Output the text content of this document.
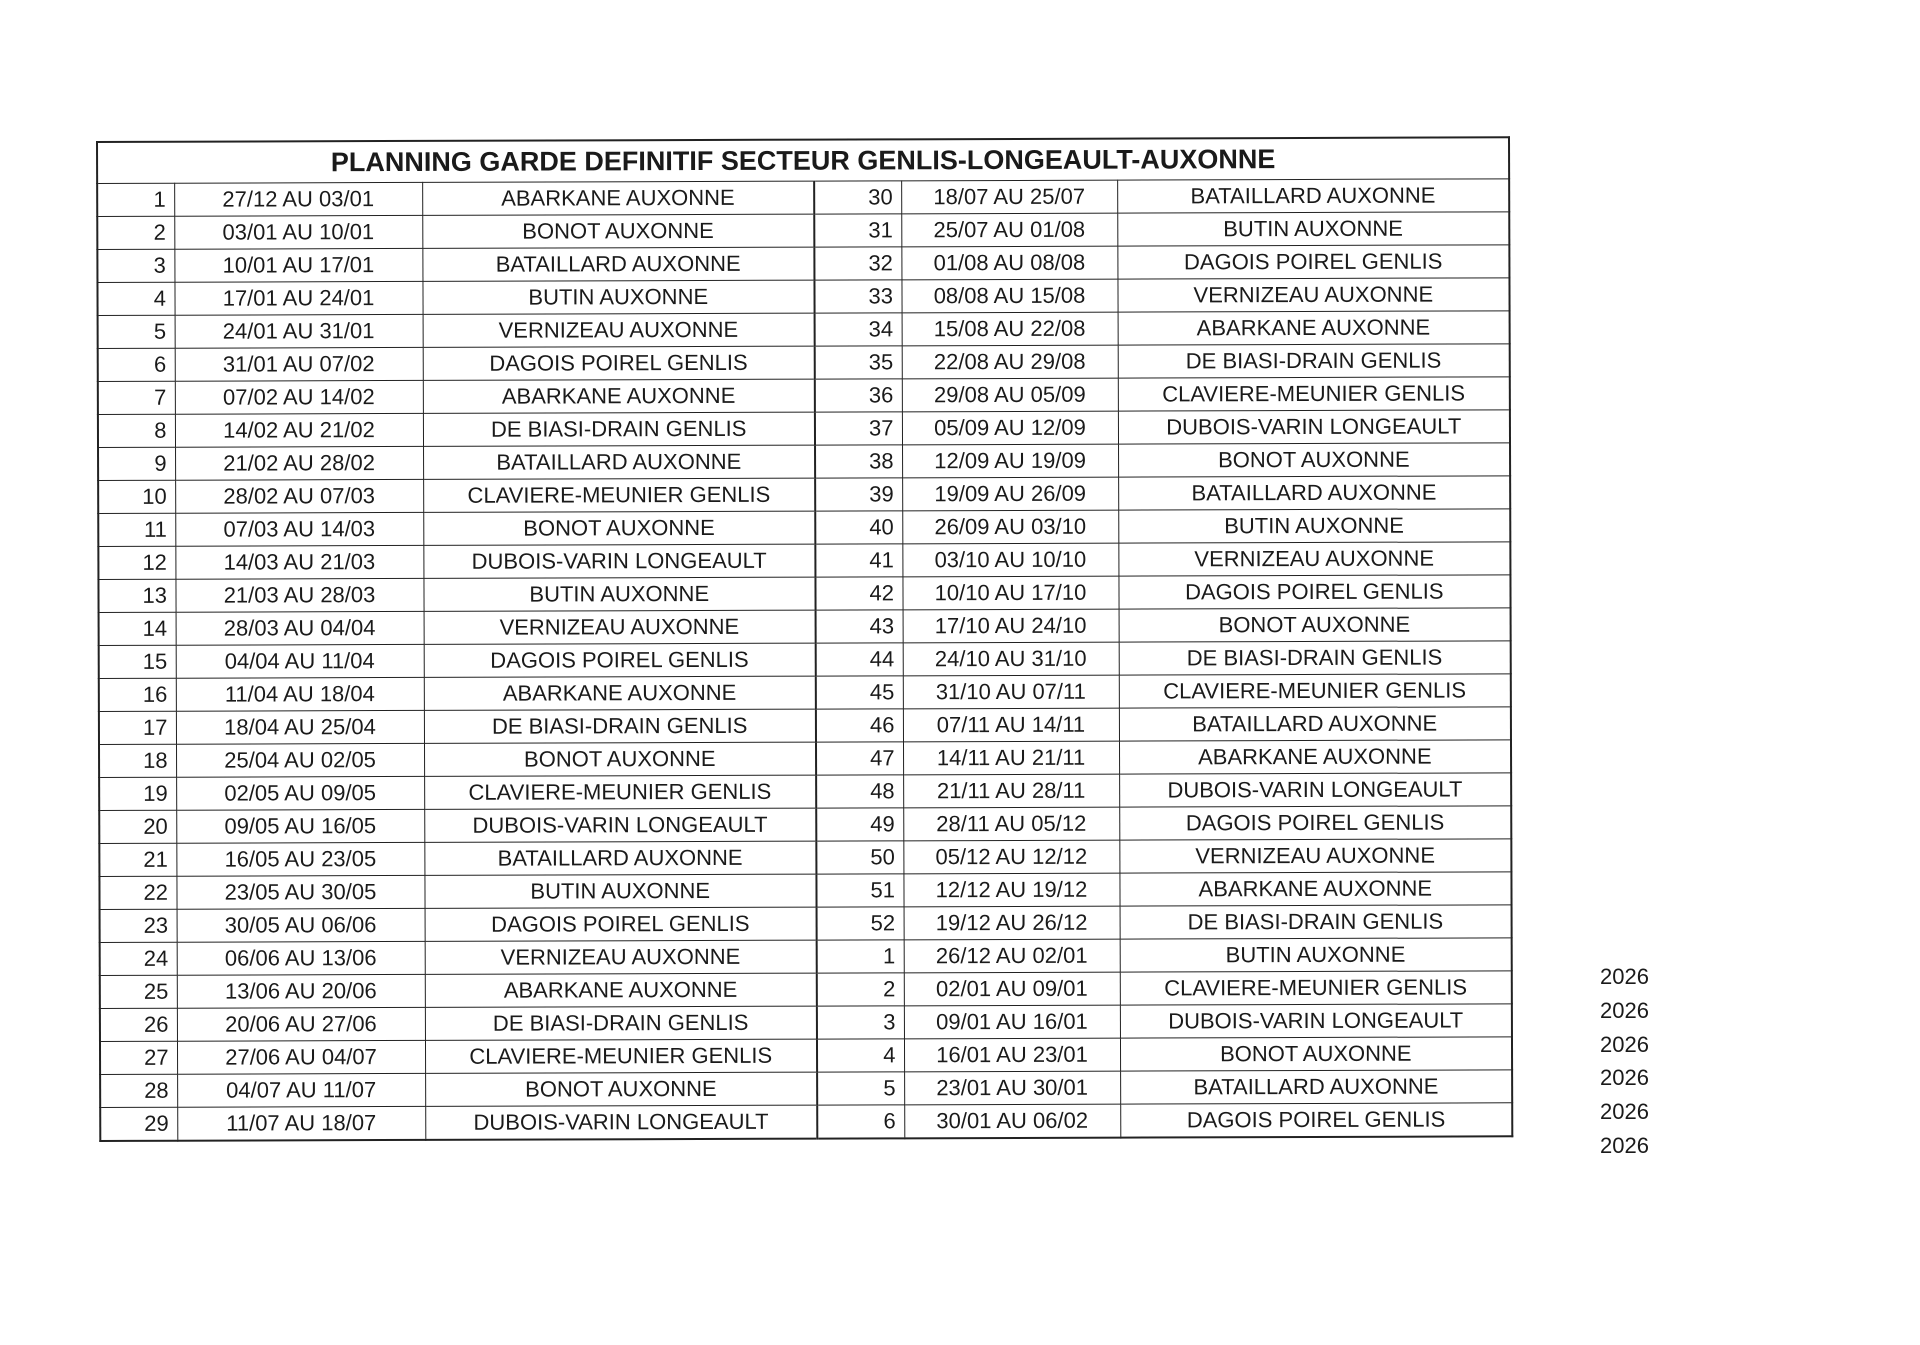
PLANNING GARDE DEFINITIF SECTEUR GENLIS-LONGEAULT-AUXONNE					
1	27/12 AU 03/01	ABARKANE AUXONNE	30	18/07 AU 25/07	BATAILLARD AUXONNE
2	03/01 AU 10/01	BONOT AUXONNE	31	25/07 AU 01/08	BUTIN AUXONNE
3	10/01 AU 17/01	BATAILLARD AUXONNE	32	01/08 AU 08/08	DAGOIS POIREL GENLIS
4	17/01 AU 24/01	BUTIN AUXONNE	33	08/08 AU 15/08	VERNIZEAU AUXONNE
5	24/01 AU 31/01	VERNIZEAU AUXONNE	34	15/08 AU 22/08	ABARKANE AUXONNE
6	31/01 AU 07/02	DAGOIS POIREL GENLIS	35	22/08 AU 29/08	DE BIASI-DRAIN GENLIS
7	07/02 AU 14/02	ABARKANE AUXONNE	36	29/08 AU 05/09	CLAVIERE-MEUNIER GENLIS
8	14/02 AU 21/02	DE BIASI-DRAIN GENLIS	37	05/09 AU 12/09	DUBOIS-VARIN LONGEAULT
9	21/02 AU 28/02	BATAILLARD AUXONNE	38	12/09 AU 19/09	BONOT AUXONNE
10	28/02 AU 07/03	CLAVIERE-MEUNIER GENLIS	39	19/09 AU 26/09	BATAILLARD AUXONNE
11	07/03 AU 14/03	BONOT AUXONNE	40	26/09 AU 03/10	BUTIN AUXONNE
12	14/03 AU 21/03	DUBOIS-VARIN LONGEAULT	41	03/10 AU 10/10	VERNIZEAU AUXONNE
13	21/03 AU 28/03	BUTIN AUXONNE	42	10/10 AU 17/10	DAGOIS POIREL GENLIS
14	28/03 AU 04/04	VERNIZEAU AUXONNE	43	17/10 AU 24/10	BONOT AUXONNE
15	04/04 AU 11/04	DAGOIS POIREL GENLIS	44	24/10 AU 31/10	DE BIASI-DRAIN GENLIS
16	11/04 AU 18/04	ABARKANE AUXONNE	45	31/10 AU 07/11	CLAVIERE-MEUNIER GENLIS
17	18/04 AU 25/04	DE BIASI-DRAIN GENLIS	46	07/11 AU 14/11	BATAILLARD AUXONNE
18	25/04 AU 02/05	BONOT AUXONNE	47	14/11 AU 21/11	ABARKANE AUXONNE
19	02/05 AU 09/05	CLAVIERE-MEUNIER GENLIS	48	21/11 AU 28/11	DUBOIS-VARIN LONGEAULT
20	09/05 AU 16/05	DUBOIS-VARIN LONGEAULT	49	28/11 AU 05/12	DAGOIS POIREL GENLIS
21	16/05 AU 23/05	BATAILLARD AUXONNE	50	05/12 AU 12/12	VERNIZEAU AUXONNE
22	23/05 AU 30/05	BUTIN AUXONNE	51	12/12 AU 19/12	ABARKANE AUXONNE
23	30/05 AU 06/06	DAGOIS POIREL GENLIS	52	19/12 AU 26/12	DE BIASI-DRAIN GENLIS
24	06/06 AU 13/06	VERNIZEAU AUXONNE	1	26/12 AU 02/01	BUTIN AUXONNE
25	13/06 AU 20/06	ABARKANE AUXONNE	2	02/01 AU 09/01	CLAVIERE-MEUNIER GENLIS
26	20/06 AU 27/06	DE BIASI-DRAIN GENLIS	3	09/01 AU 16/01	DUBOIS-VARIN LONGEAULT
27	27/06 AU 04/07	CLAVIERE-MEUNIER GENLIS	4	16/01 AU 23/01	BONOT AUXONNE
28	04/07 AU 11/07	BONOT AUXONNE	5	23/01 AU 30/01	BATAILLARD AUXONNE
29	11/07 AU 18/07	DUBOIS-VARIN LONGEAULT	6	30/01 AU 06/02	DAGOIS POIREL GENLIS
2026
2026
2026
2026
2026
2026
